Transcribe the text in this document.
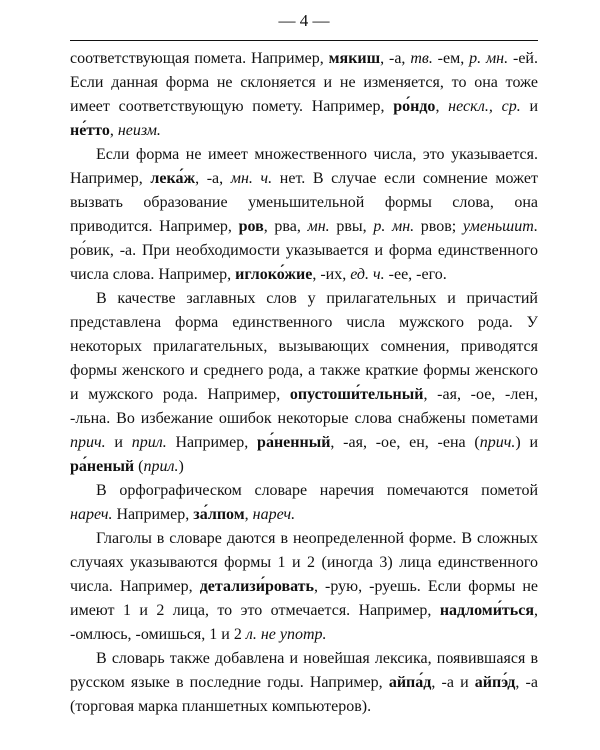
— 4 —

соответствующая помета. Например, мякиш, -а, тв. -ем, р. мн. -ей. Если данная форма не склоняется и не изменяется, то она тоже имеет соответствующую помету. Например, ро́ндо, нескл., ср. и не́тто, неизм.

Если форма не имеет множественного числа, это указывается. Например, лека́ж, -а, мн. ч. нет. В случае если сомнение может вызвать образование уменьшительной формы слова, она приводится. Например, ров, рва, мн. рвы, р. мн. рвов; уменьшит. ро́вик, -а. При необходимости указывается и форма единственного числа слова. Например, иглоко́жие, -их, ед. ч. -ее, -его.

В качестве заглавных слов у прилагательных и причастий представлена форма единственного числа мужского рода. У некоторых прилагательных, вызывающих сомнения, приводятся формы женского и среднего рода, а также краткие формы женского и мужского рода. Например, опустоши́тельный, -ая, -ое, -лен, -льна. Во избежание ошибок некоторые слова снабжены пометами прич. и прил. Например, ра́ненный, -ая, -ое, ен, -ена (прич.) и ра́неный (прил.)

В орфографическом словаре наречия помечаются пометой нареч. Например, за́лпом, нареч.

Глаголы в словаре даются в неопределенной форме. В сложных случаях указываются формы 1 и 2 (иногда 3) лица единственного числа. Например, детализи́ровать, -рую, -руешь. Если формы не имеют 1 и 2 лица, то это отмечается. Например, надломи́ться, -омлюсь, -омишься, 1 и 2 л. не употр.

В словарь также добавлена и новейшая лексика, появившаяся в русском языке в последние годы. Например, айпа́д, -а и айпэ́д, -а (торговая марка планшетных компьютеров).
